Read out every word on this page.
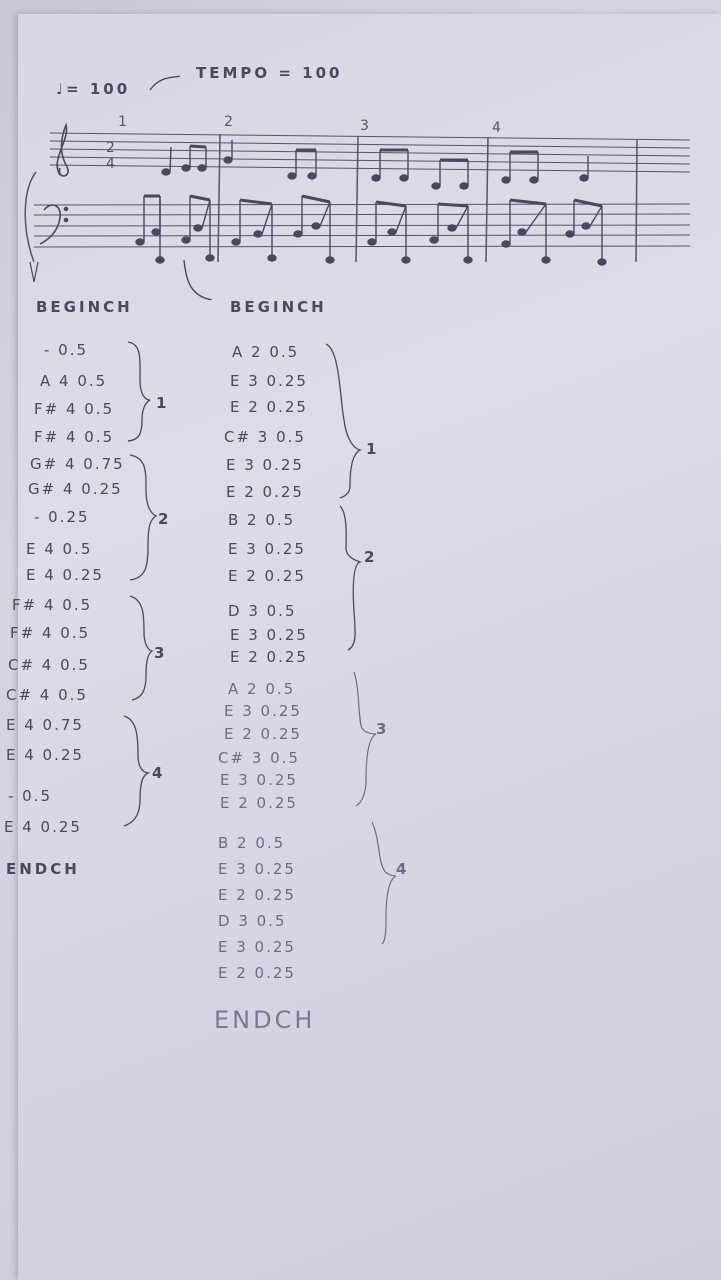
♩= 100
TEMPO = 100
1	2	3	4
2
4
BEGINCH
- 0.5
A 4 0.5
F# 4 0.5
F# 4 0.5
G# 4 0.75
G# 4 0.25
- 0.25
E 4 0.5
E 4 0.25
F# 4 0.5
F# 4 0.5
C# 4 0.5
C# 4 0.5
E 4 0.75
E 4 0.25
- 0.5
E 4 0.25
ENDCH
1
2
3
4
BEGINCH
A 2 0.5
E 3 0.25
E 2 0.25
C# 3 0.5
E 3 0.25
E 2 0.25
B 2 0.5
E 3 0.25
E 2 0.25
D 3 0.5
E 3 0.25
E 2 0.25
A 2 0.5
E 3 0.25
E 2 0.25
C# 3 0.5
E 3 0.25
E 2 0.25
B 2 0.5
E 3 0.25
E 2 0.25
D 3 0.5
E 3 0.25
E 2 0.25
ENDCH
1
2
3
4
